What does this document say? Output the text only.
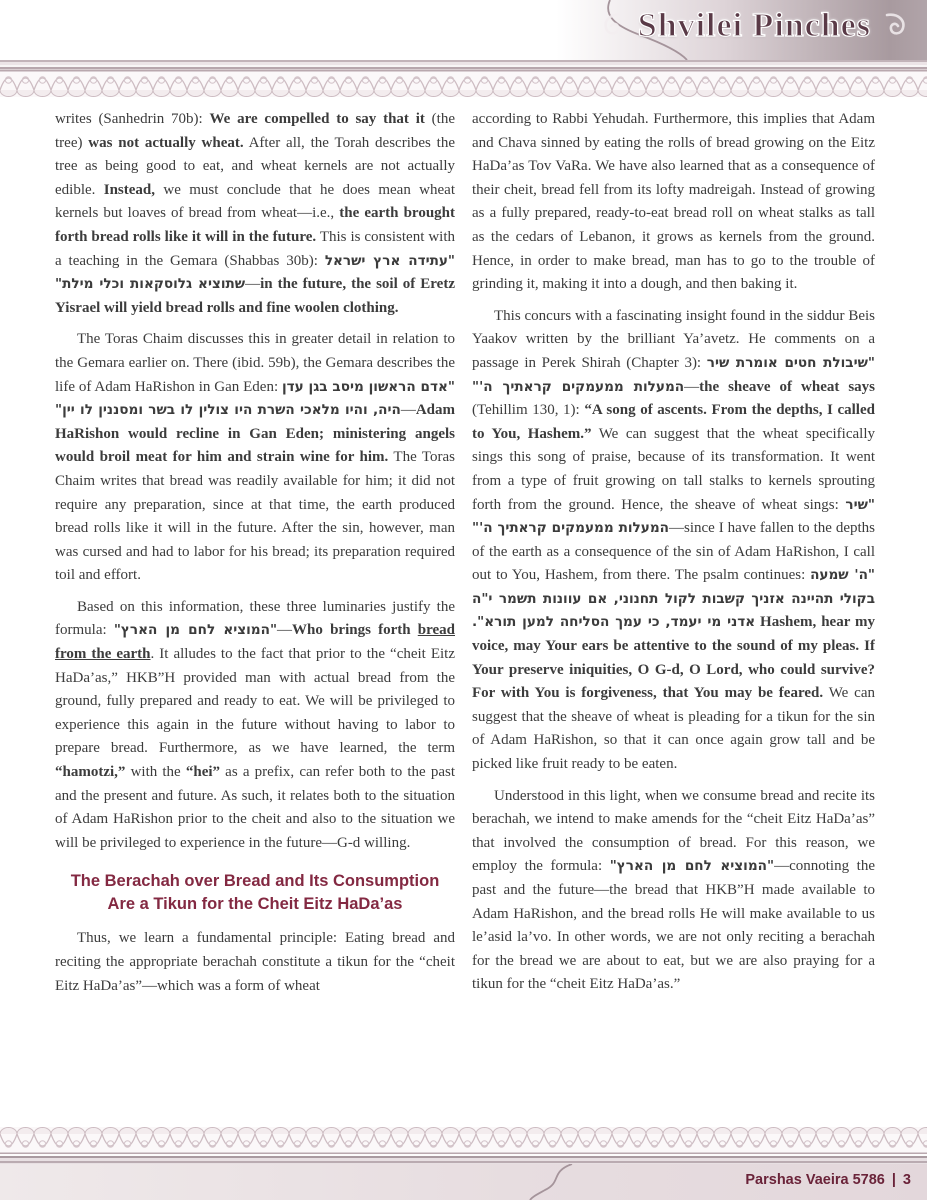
Shvilei Pinches

writes (Sanhedrin 70b): We are compelled to say that it (the tree) was not actually wheat. After all, the Torah describes the tree as being good to eat, and wheat kernels are not actually edible. Instead, we must conclude that he does mean wheat kernels but loaves of bread from wheat—i.e., the earth brought forth bread rolls like it will in the future. This is consistent with a teaching in the Gemara (Shabbas 30b): "עתידה ארץ ישראל שתוציא גלוסקאות וכלי מילת"—in the future, the soil of Eretz Yisrael will yield bread rolls and fine woolen clothing.

The Toras Chaim discusses this in greater detail in relation to the Gemara earlier on. There (ibid. 59b), the Gemara describes the life of Adam HaRishon in Gan Eden: "אדם הראשון מיסב בגן עדן היה, והיו מלאכי השרת היו צולין לו בשר ומסננין לו יין"—Adam HaRishon would recline in Gan Eden; ministering angels would broil meat for him and strain wine for him. The Toras Chaim writes that bread was readily available for him; it did not require any preparation, since at that time, the earth produced bread rolls like it will in the future. After the sin, however, man was cursed and had to labor for his bread; its preparation required toil and effort.

Based on this information, these three luminaries justify the formula: "המוציא לחם מן הארץ"—Who brings forth bread from the earth. It alludes to the fact that prior to the “cheit Eitz HaDa’as,” HKB”H provided man with actual bread from the ground, fully prepared and ready to eat. We will be privileged to experience this again in the future without having to labor to prepare bread. Furthermore, as we have learned, the term “hamotzi,” with the “hei” as a prefix, can refer both to the past and the present and future. As such, it relates both to the situation of Adam HaRishon prior to the cheit and also to the situation we will be privileged to experience in the future—G-d willing.

The Berachah over Bread and Its Consumption
Are a Tikun for the Cheit Eitz HaDa’as

Thus, we learn a fundamental principle: Eating bread and reciting the appropriate berachah constitute a tikun for the “cheit Eitz HaDa’as”—which was a form of wheat

according to Rabbi Yehudah. Furthermore, this implies that Adam and Chava sinned by eating the rolls of bread growing on the Eitz HaDa’as Tov VaRa. We have also learned that as a consequence of their cheit, bread fell from its lofty madreigah. Instead of growing as a fully prepared, ready-to-eat bread roll on wheat stalks as tall as the cedars of Lebanon, it grows as kernels from the ground. Hence, in order to make bread, man has to go to the trouble of grinding it, making it into a dough, and then baking it.

This concurs with a fascinating insight found in the siddur Beis Yaakov written by the brilliant Ya’avetz. He comments on a passage in Perek Shirah (Chapter 3): "שיבולת חטים אומרת שיר המעלות ממעמקים קראתיך ה'"—the sheave of wheat says (Tehillim 130, 1): “A song of ascents. From the depths, I called to You, Hashem.” We can suggest that the wheat specifically sings this song of praise, because of its transformation. It went from a type of fruit growing on tall stalks to kernels sprouting forth from the ground. Hence, the sheave of wheat sings: "שיר המעלות ממעמקים קראתיך ה'"—since I have fallen to the depths of the earth as a consequence of the sin of Adam HaRishon, I call out to You, Hashem, from there. The psalm continues: "ה' שמעה בקולי תהיינה אזניך קשבות לקול תחנוני, אם עוונות תשמר י"ה אדני מי יעמד, כי עמך הסליחה למען תורא". Hashem, hear my voice, may Your ears be attentive to the sound of my pleas. If Your preserve iniquities, O G-d, O Lord, who could survive? For with You is forgiveness, that You may be feared. We can suggest that the sheave of wheat is pleading for a tikun for the sin of Adam HaRishon, so that it can once again grow tall and be picked like fruit ready to be eaten.

Understood in this light, when we consume bread and recite its berachah, we intend to make amends for the “cheit Eitz HaDa’as” that involved the consumption of bread. For this reason, we employ the formula: "המוציא לחם מן הארץ"—connoting the past and the future—the bread that HKB”H made available to Adam HaRishon, and the bread rolls He will make available to us le’asid la’vo. In other words, we are not only reciting a berachah for the bread we are about to eat, but we are also praying for a tikun for the “cheit Eitz HaDa’as.”

Parshas Vaeira 5786 | 3
